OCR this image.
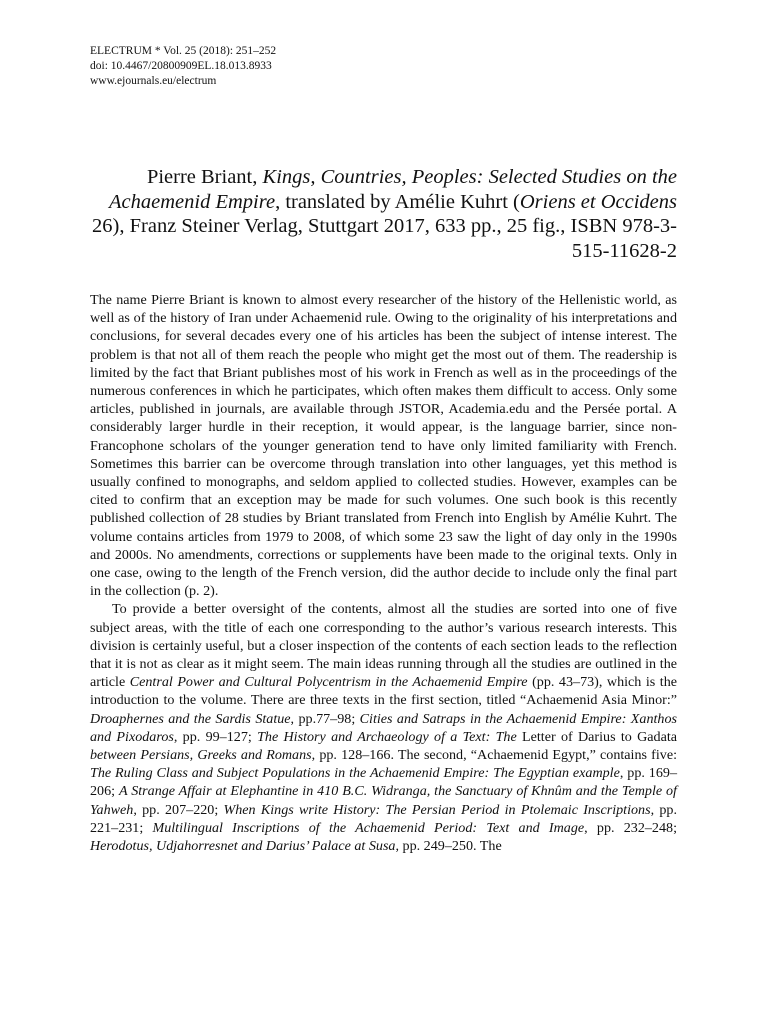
ELECTRUM * Vol. 25 (2018): 251–252
doi: 10.4467/20800909EL.18.013.8933
www.ejournals.eu/electrum
Pierre Briant, Kings, Countries, Peoples: Selected Studies on the Achaemenid Empire, translated by Amélie Kuhrt (Oriens et Occidens 26), Franz Steiner Verlag, Stuttgart 2017, 633 pp., 25 fig., ISBN 978-3-515-11628-2

The name Pierre Briant is known to almost every researcher of the history of the Hellenistic world, as well as of the history of Iran under Achaemenid rule. Owing to the originality of his interpretations and conclusions, for several decades every one of his articles has been the subject of intense interest. The problem is that not all of them reach the people who might get the most out of them. The readership is limited by the fact that Briant publishes most of his work in French as well as in the proceedings of the numerous conferences in which he participates, which often makes them difficult to access. Only some articles, published in journals, are available through JSTOR, Academia.edu and the Persée portal. A considerably larger hurdle in their reception, it would appear, is the language barrier, since non-Francophone scholars of the younger generation tend to have only limited familiarity with French. Sometimes this barrier can be overcome through translation into other languages, yet this method is usually confined to monographs, and seldom applied to collected studies. However, examples can be cited to confirm that an exception may be made for such volumes. One such book is this recently published collection of 28 studies by Briant translated from French into English by Amélie Kuhrt. The volume contains articles from 1979 to 2008, of which some 23 saw the light of day only in the 1990s and 2000s. No amendments, corrections or supplements have been made to the original texts. Only in one case, owing to the length of the French version, did the author decide to include only the final part in the collection (p. 2).

To provide a better oversight of the contents, almost all the studies are sorted into one of five subject areas, with the title of each one corresponding to the author’s various research interests. This division is certainly useful, but a closer inspection of the contents of each section leads to the reflection that it is not as clear as it might seem. The main ideas running through all the studies are outlined in the article Central Power and Cultural Polycentrism in the Achaemenid Empire (pp. 43–73), which is the introduction to the volume. There are three texts in the first section, titled “Achaemenid Asia Minor:” Droaphernes and the Sardis Statue, pp.77–98; Cities and Satraps in the Achaemenid Empire: Xanthos and Pixodaros, pp. 99–127; The History and Archaeology of a Text: The Letter of Darius to Gadata between Persians, Greeks and Romans, pp. 128–166. The second, “Achaemenid Egypt,” contains five: The Ruling Class and Subject Populations in the Achaemenid Empire: The Egyptian example, pp. 169–206; A Strange Affair at Elephantine in 410 B.C. Widranga, the Sanctuary of Khnûm and the Temple of Yahweh, pp. 207–220; When Kings write History: The Persian Period in Ptolemaic Inscriptions, pp. 221–231; Multilingual Inscriptions of the Achaemenid Period: Text and Image, pp. 232–248; Herodotus, Udjahorresnet and Darius’ Palace at Susa, pp. 249–250. The
